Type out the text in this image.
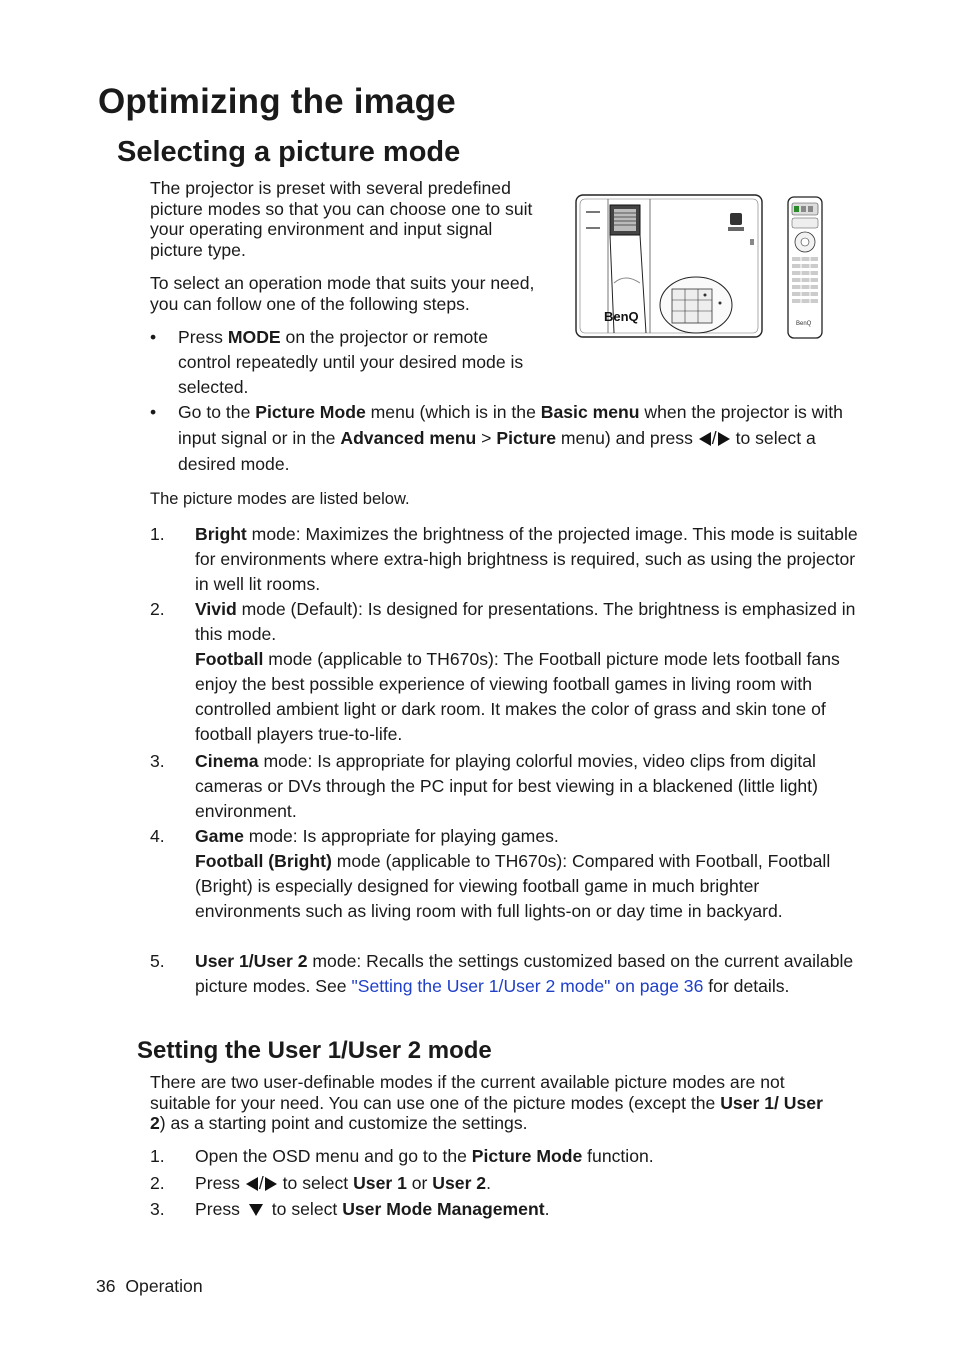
Optimizing the image
Selecting a picture mode

The projector is preset with several predefined picture modes so that you can choose one to suit your operating environment and input signal picture type.

To select an operation mode that suits your need, you can follow one of the following steps.

BenQ	BenQ
• Press MODE on the projector or remote control repeatedly until your desired mode is selected.
• Go to the Picture Mode menu (which is in the Basic menu when the projector is with input signal or in the Advanced menu > Picture menu) and press / to select a desired mode.

The picture modes are listed below.

1. Bright mode: Maximizes the brightness of the projected image. This mode is suitable for environments where extra-high brightness is required, such as using the projector in well lit rooms.
2. Vivid mode (Default): Is designed for presentations. The brightness is emphasized in this mode.
Football mode (applicable to TH670s): The Football picture mode lets football fans enjoy the best possible experience of viewing football games in living room with controlled ambient light or dark room. It makes the color of grass and skin tone of football players true-to-life.
3. Cinema mode: Is appropriate for playing colorful movies, video clips from digital cameras or DVs through the PC input for best viewing in a blackened (little light) environment.
4. Game mode: Is appropriate for playing games.
Football (Bright) mode (applicable to TH670s): Compared with Football, Football (Bright) is especially designed for viewing football game in much brighter environments such as living room with full lights-on or day time in backyard.
5. User 1/User 2 mode: Recalls the settings customized based on the current available picture modes. See "Setting the User 1/User 2 mode" on page 36 for details.
Setting the User 1/User 2 mode

There are two user-definable modes if the current available picture modes are not suitable for your need. You can use one of the picture modes (except the User 1/ User 2) as a starting point and customize the settings.

1. Open the OSD menu and go to the Picture Mode function.
2. Press / to select User 1 or User 2.
3. Press  to select User Mode Management.
36 Operation
